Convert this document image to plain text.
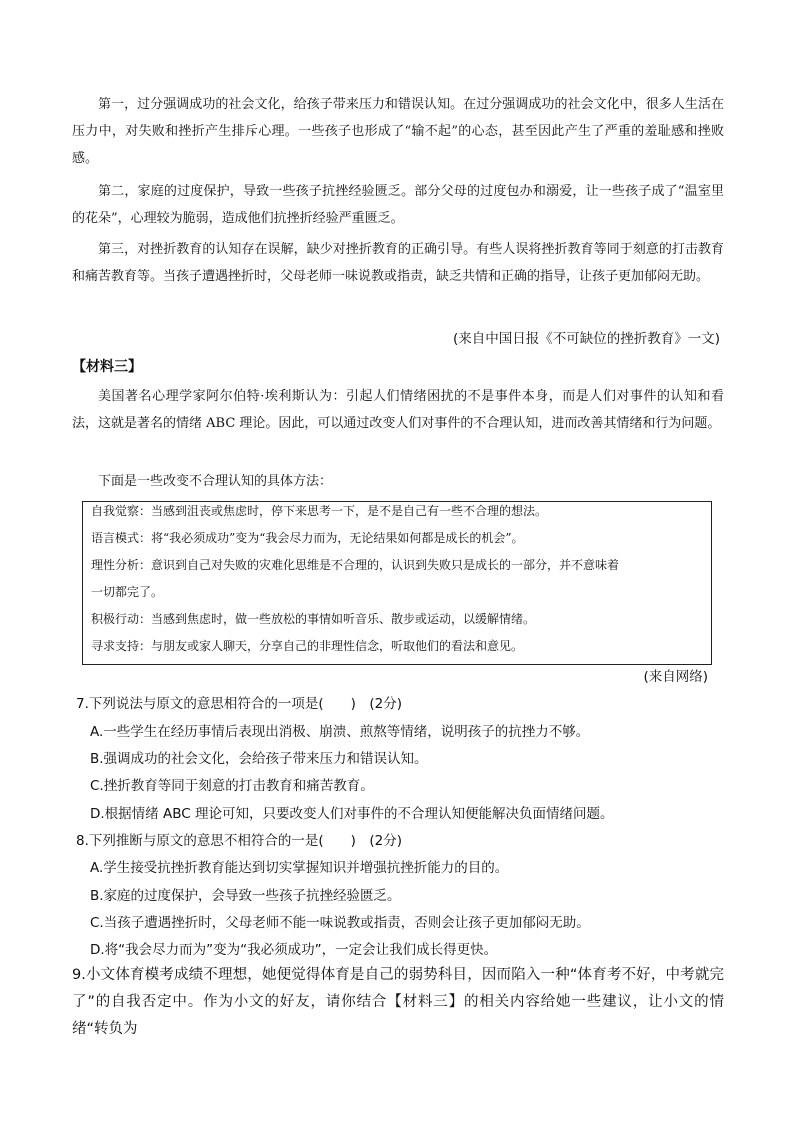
第一，过分强调成功的社会文化，给孩子带来压力和错误认知。在过分强调成功的社会文化中，很多人生活在压力中，对失败和挫折产生排斥心理。一些孩子也形成了“输不起”的心态，甚至因此产生了严重的羞耻感和挫败感。
第二，家庭的过度保护，导致一些孩子抗挫经验匮乏。部分父母的过度包办和溺爱，让一些孩子成了“温室里的花朵”，心理较为脆弱，造成他们抗挫折经验严重匮乏。
第三，对挫折教育的认知存在误解，缺少对挫折教育的正确引导。有些人误将挫折教育等同于刻意的打击教育和痛苦教育等。当孩子遭遇挫折时，父母老师一味说教或指责，缺乏共情和正确的指导，让孩子更加郁闷无助。
(来自中国日报《不可缺位的挫折教育》一文)
【材料三】
美国著名心理学家阿尔伯特·埃利斯认为：引起人们情绪困扰的不是事件本身，而是人们对事件的认知和看法，这就是著名的情绪 ABC 理论。因此，可以通过改变人们对事件的不合理认知，进而改善其情绪和行为问题。
下面是一些改变不合理认知的具体方法：
自我觉察：当感到沮丧或焦虑时，停下来思考一下，是不是自己有一些不合理的想法。
语言模式：将“我必须成功”变为“我会尽力而为，无论结果如何都是成长的机会”。
理性分析：意识到自己对失败的灾难化思维是不合理的，认识到失败只是成长的一部分，并不意味着
一切都完了。
积极行动：当感到焦虑时，做一些放松的事情如听音乐、散步或运动，以缓解情绪。
寻求支持：与朋友或家人聊天，分享自己的非理性信念，听取他们的看法和意见。
(来自网络)
7.下列说法与原文的意思相符合的一项是(　　)　(2分)
A.一些学生在经历事情后表现出消极、崩溃、煎熬等情绪，说明孩子的抗挫力不够。
B.强调成功的社会文化，会给孩子带来压力和错误认知。
C.挫折教育等同于刻意的打击教育和痛苦教育。
D.根据情绪 ABC 理论可知，只要改变人们对事件的不合理认知便能解决负面情绪问题。
8.下列推断与原文的意思不相符合的一是(　　)　(2分)
A.学生接受抗挫折教育能达到切实掌握知识并增强抗挫折能力的目的。
B.家庭的过度保护，会导致一些孩子抗挫经验匮乏。
C.当孩子遭遇挫折时，父母老师不能一味说教或指责，否则会让孩子更加郁闷无助。
D.将“我会尽力而为”变为“我必须成功”，一定会让我们成长得更快。
9.小文体育模考成绩不理想，她便觉得体育是自己的弱势科目，因而陷入一种“体育考不好，中考就完了”的自我否定中。作为小文的好友，请你结合【材料三】的相关内容给她一些建议，让小文的情绪“转负为
